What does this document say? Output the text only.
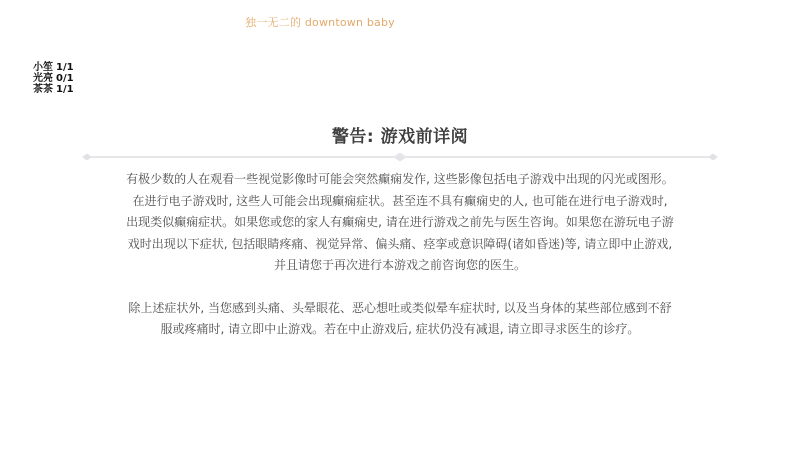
独一无二的 downtown baby
小笙 1/1
光亮 0/1
茶茶 1/1
警告: 游戏前详阅

有极少数的人在观看一些视觉影像时可能会突然癫痫发作, 这些影像包括电子游戏中出现的闪光或图形。
在进行电子游戏时, 这些人可能会出现癫痫症状。甚至连不具有癫痫史的人, 也可能在进行电子游戏时,
出现类似癫痫症状。如果您或您的家人有癫痫史, 请在进行游戏之前先与医生咨询。如果您在游玩电子游
戏时出现以下症状, 包括眼睛疼痛、视觉异常、偏头痛、痉挛或意识障碍(诸如昏迷)等, 请立即中止游戏,
并且请您于再次进行本游戏之前咨询您的医生。

除上述症状外, 当您感到头痛、头晕眼花、恶心想吐或类似晕车症状时, 以及当身体的某些部位感到不舒
服或疼痛时, 请立即中止游戏。若在中止游戏后, 症状仍没有减退, 请立即寻求医生的诊疗。
